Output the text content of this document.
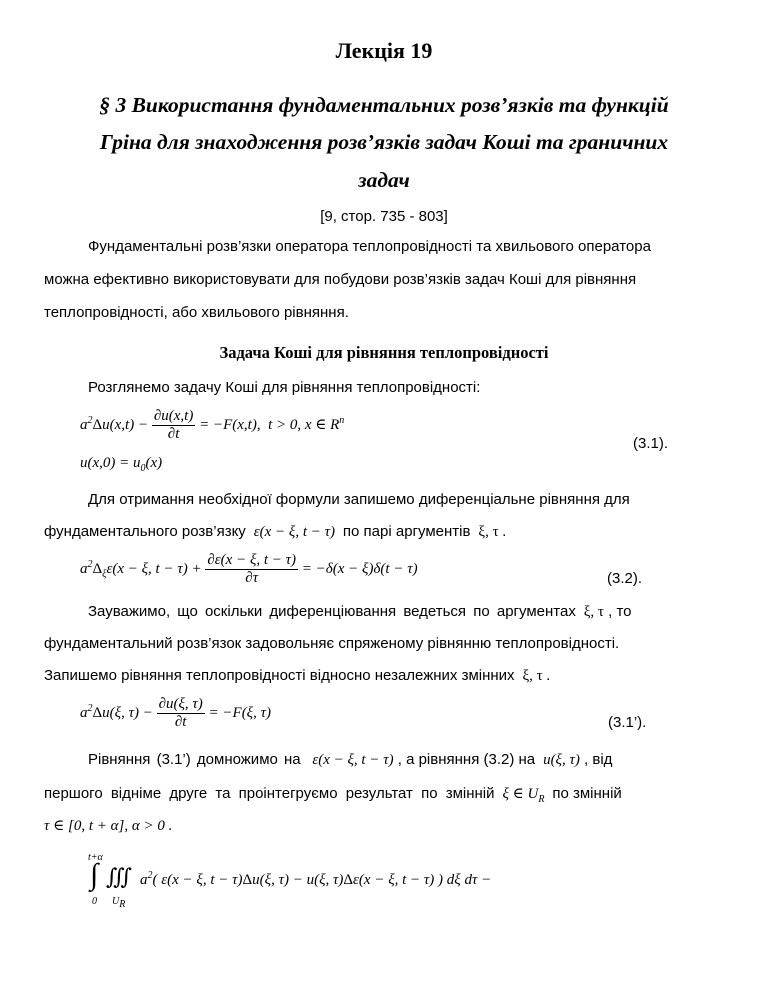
Лекція 19
§ 3 Використання фундаментальних розв’язків та функцій
Гріна для знаходження розв’язків задач Коші та граничних
задач
[9, стор. 735 - 803]
Фундаментальні розв’язки оператора теплопровідності та хвильового оператора
можна ефективно використовувати для побудови розв’язків задач Коші для рівняння
теплопровідності, або хвильового рівняння.
Задача Коші для рівняння теплопровідності
Розглянемо задачу Коші для рівняння теплопровідності:
$a^2\Delta u(x,t) - \frac{\partial u(x,t)}{\partial t} = -F(x,t)$,  t > 0, x ∈ $R^n$
$u(x,0) = u_0(x)$
(3.1).
Для отримання необхідної формули запишемо диференціальне рівняння для
фундаментального розв’язку  ε(x − ξ, t − τ)  по парі аргументів  ξ, τ .
$a^2\Delta_\xi\varepsilon(x - \xi$, $t - \tau) + \frac{\partial\varepsilon(x - \xi, t - \tau)}{\partial\tau} = -\delta(x - \xi)\delta(t - \tau)$
(3.2).
Зауважимо, що оскільки диференціювання ведеться по аргументах  ξ, τ , то
фундаментальний розв’язок задовольняє спряженому рівнянню теплопровідності.
Запишемо рівняння теплопровідності відносно незалежних змінних  ξ, τ .
$a^2\Delta u(\xi$, $\tau) - \frac{\partial u(\xi, \tau)}{\partial t} = -F(\xi$, τ)
(3.1’).
Рівняння (3.1’) домножимо на   ε(x − ξ, t − τ) , а рівняння (3.2) на  u(ξ, τ) , від
першого відніме друге та проінтегруємо результат по змінній  ξ ∈ $U_R$ по змінній
τ ∈ [0, t + α], α > 0 .
t+α
∫
0
∭
$U_R$
$a^2$( ε(x − ξ, t − τ)Δu(ξ, τ) − u(ξ, τ)Δε(x − ξ, t − τ) ) dξ dτ −
